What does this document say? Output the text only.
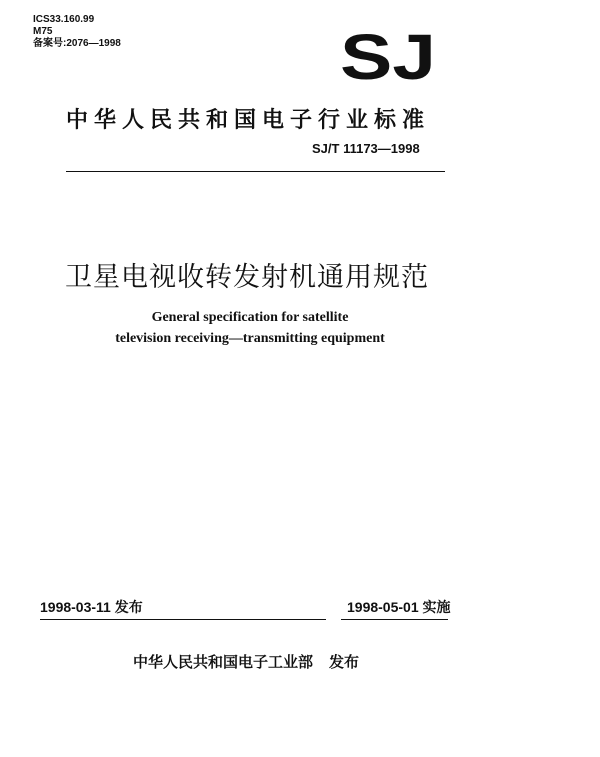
ICS33.160.99
M75
备案号:2076—1998	SJ
中华人民共和国电子行业标准
SJ/T 11173—1998
卫星电视收转发射机通用规范
General specification for satellite
television receiving—transmitting equipment
1998-03-11 发布	1998-05-01 实施
中华人民共和国电子工业部 发布
